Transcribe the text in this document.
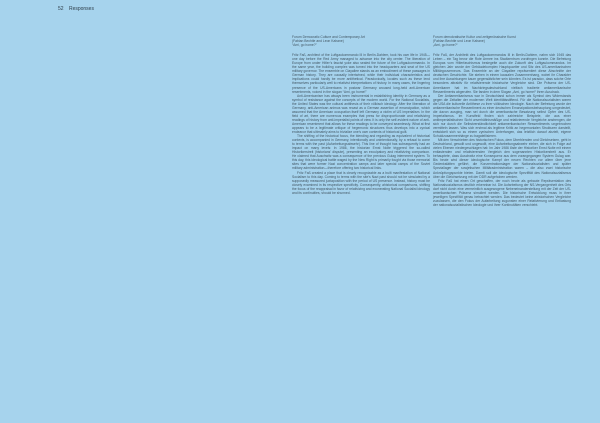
52 Responses
Forum Democratic Culture and Contemporary Art
(Fabian Bechtle and Leon Kahane)
“Ami, go home?”

Fritz Faß, architect of the Luftgaukommando III in Berlin-Dahlem, took his own life in 1945—one day before the Red Army managed to advance into the city center. The liberation of Europe from under Hitler’s fascist yoke also sealed the future of the Luftgaukommando. In the same year, the building complex was turned into the headquarters and seat of the US military governor. The ensemble on Clayallee stands as an embodiment of these passages in German history. They are causally intertwined, while their individual characteristics and implications could hardly be more antithetical. Paradoxically, locales such as these lend themselves particularly well to relativist interpretations of history. In many cases, the lingering presence of the US-Americans in postwar Germany aroused long-held anti-American resentments, voiced in the slogan “Ami, go home!”

Anti-Americanism has always been instrumental in establishing identity in Germany as a symbol of resistance against the concepts of the modern world. For the National Socialists, the United States was the cultural antithesis of their völkisch ideology. After the liberation of Germany, anti-American animus was recast as a German assertion of emancipation, which assumed that the American occupation itself left Germany a victim of US imperialism. In the field of art, there are numerous examples that press for disproportionate and relativizing readings of history from anti-imperialist points of view. It is only the self-evident nature of anti-American resentment that allows for these readings to be conveyed seamlessly. What at first appears to be a legitimate critique of hegemonic structures thus develops into a cynical endeavor that ultimately aims to trivialize one’s own contexts of historical guilt.

The shifting of the historical focus, the blending and regarding as equivalent of historical contexts, is accompanied in Germany, intentionally and unintentionally, by a refusal to come to terms with the past (Aufarbeitungsabwehr). This line of thought has subsequently had an impact on many levels: In 1986, the historian Ernst Nolte triggered the so-called Historikerstreit (historians’ dispute), presenting an exculpatory and relativizing comparison. He claimed that Auschwitz was a consequence of the previous Gulag internment system. To this day, this ideological battle waged by the New Right is primarily fought via those memorial sites that were former Nazi concentration camps and later special camps of the Soviet military administration—therefore offering two historical links.

Fritz Faß created a place that is clearly recognizable as a built manifestation of National Socialism to this day. Coming to terms with the site’s Nazi past should not be simulated by a supposedly measured juxtaposition with the period of US presence. Instead, history must be closely examined in its respective specificity. Consequently, ahistorical comparisons, shifting the focus of the reappraisal in favor of relativizing and exonerating National Socialist ideology and its continuities, should be shunned.

Forum demokratische Kultur und zeitgenössische Kunst
(Fabian Bechtle und Leon Kahane)
„Ami, go home?“

Fritz Faß, der Architekt des Luftgaukommandos III in Berlin-Dahlem, nahm sich 1945 das Leben – ein Tag bevor die Rote Armee ins Stadtzentrum vordringen konnte. Die Befreiung Europas vom Hitlerfaschismus besiegelte auch die Zukunft des Luftgaukommandos. Im gleichen Jahr wurde der Gebäudekomplex Hauptquartier und Sitz des US-amerikanischen Militärgouverneurs. Das Ensemble an der Clayallee repräsentiert diese Abschnitte der deutschen Geschichte. Sie stehen in einem kausalen Zusammenhang, wobei ihr Charakter und ihre Auswirkungen kaum gegensätzlicher sein könnten. Es ist paradox, dass solche Orte besonders attraktiv für relativierende historische Vergleiche sind. Die Präsenz der US-Amerikaner hat im Nachkriegsdeutschland vielfach tradierte antiamerikanische Ressentiments abgerufen. Sie fanden in dem Slogan „Ami, go home!“ ihren Ausdruck.

Der Antiamerikanismus war in Deutschland schon immer als Symbol des Widerstands gegen die Zeitalter der modernen Welt identitätsstiftend. Für die Nationalsozialisten waren die USA die kulturelle Antithese zu ihrer völkischen Ideologie. Nach der Befreiung wurde der antiamerikanische Ressentiment zu einer deutschen Emanzipationsbehauptung umgedeutet, die davon ausging, man sei durch die amerikanische Besatzung selbst Opfer des US-Imperialismus. Im Kunstfeld finden sich zahlreiche Beispiele, die aus einer antiimperialistischen Sicht unverhältnismäßige und relativierende Vergleiche anstrengen, die sich nur durch die Selbstverständlichkeit antiamerikanischer Ressentiments ungebrochen vermitteln lassen. Was sich erstmal als legitime Kritik an hegemonialen Strukturen darstellt, entwickelt sich so zu einem zynischen Unterfangen, das letztlich darauf abzielt, eigene Schuldzusammenhänge zu bagatellisieren.

Mit den Verschieben des historischen Fokus, dem Überblenden und Gleichsetzen, geht in Deutschland, gewollt und ungewollt, eine Aufarbeitungsabwehr einher, die sich in Folge auf vielen Ebenen niedergeschlagen hat: Im Jahr 1986 löste der Historiker Ernst Nolte mit einem entlastenden und relativierenden Vergleich den sogenannten Historikerstreit aus. Er behauptete, dass Auschwitz eine Konsequenz aus dem vorangegangen System Gulag war. Bis heute wird dieser ideologische Kampf der neuen Rechten vor allem über jene Gedenkstätten geführt, die Konzentrationslager der Nationalsozialisten und später Speziallager der sowjetischen Militäradministration waren – die also zwei historische Anknüpfungspunkte bieten. Damit soll die ideologische Spezifität des Nationalsozialismus über die Gleichsetzung mit der DDR aufgehoben werden.

Fritz Faß hat einen Ort geschaffen, der noch heute als gebaute Repräsentation des Nationalsozialismus deutlich erkennbar ist. Die Aufarbeitung der NS-Vergangenheit des Orts darf nicht durch eine vermeintlich ausgewogene Nebeneinanderstellung mit der Zeit der US-amerikanischen Präsenz simuliert werden. Die historische Entwicklung muss in ihrer jeweiligen Spezifität genau betrachtet werden. Das bedeutet keine ahistorischen Vergleiche zuzulassen, die den Fokus der Aufarbeitung zugunsten einer Relativierung und Entlastung der nationalsozialistischen Ideologie und ihrer Kontinuitäten verschiebt.
